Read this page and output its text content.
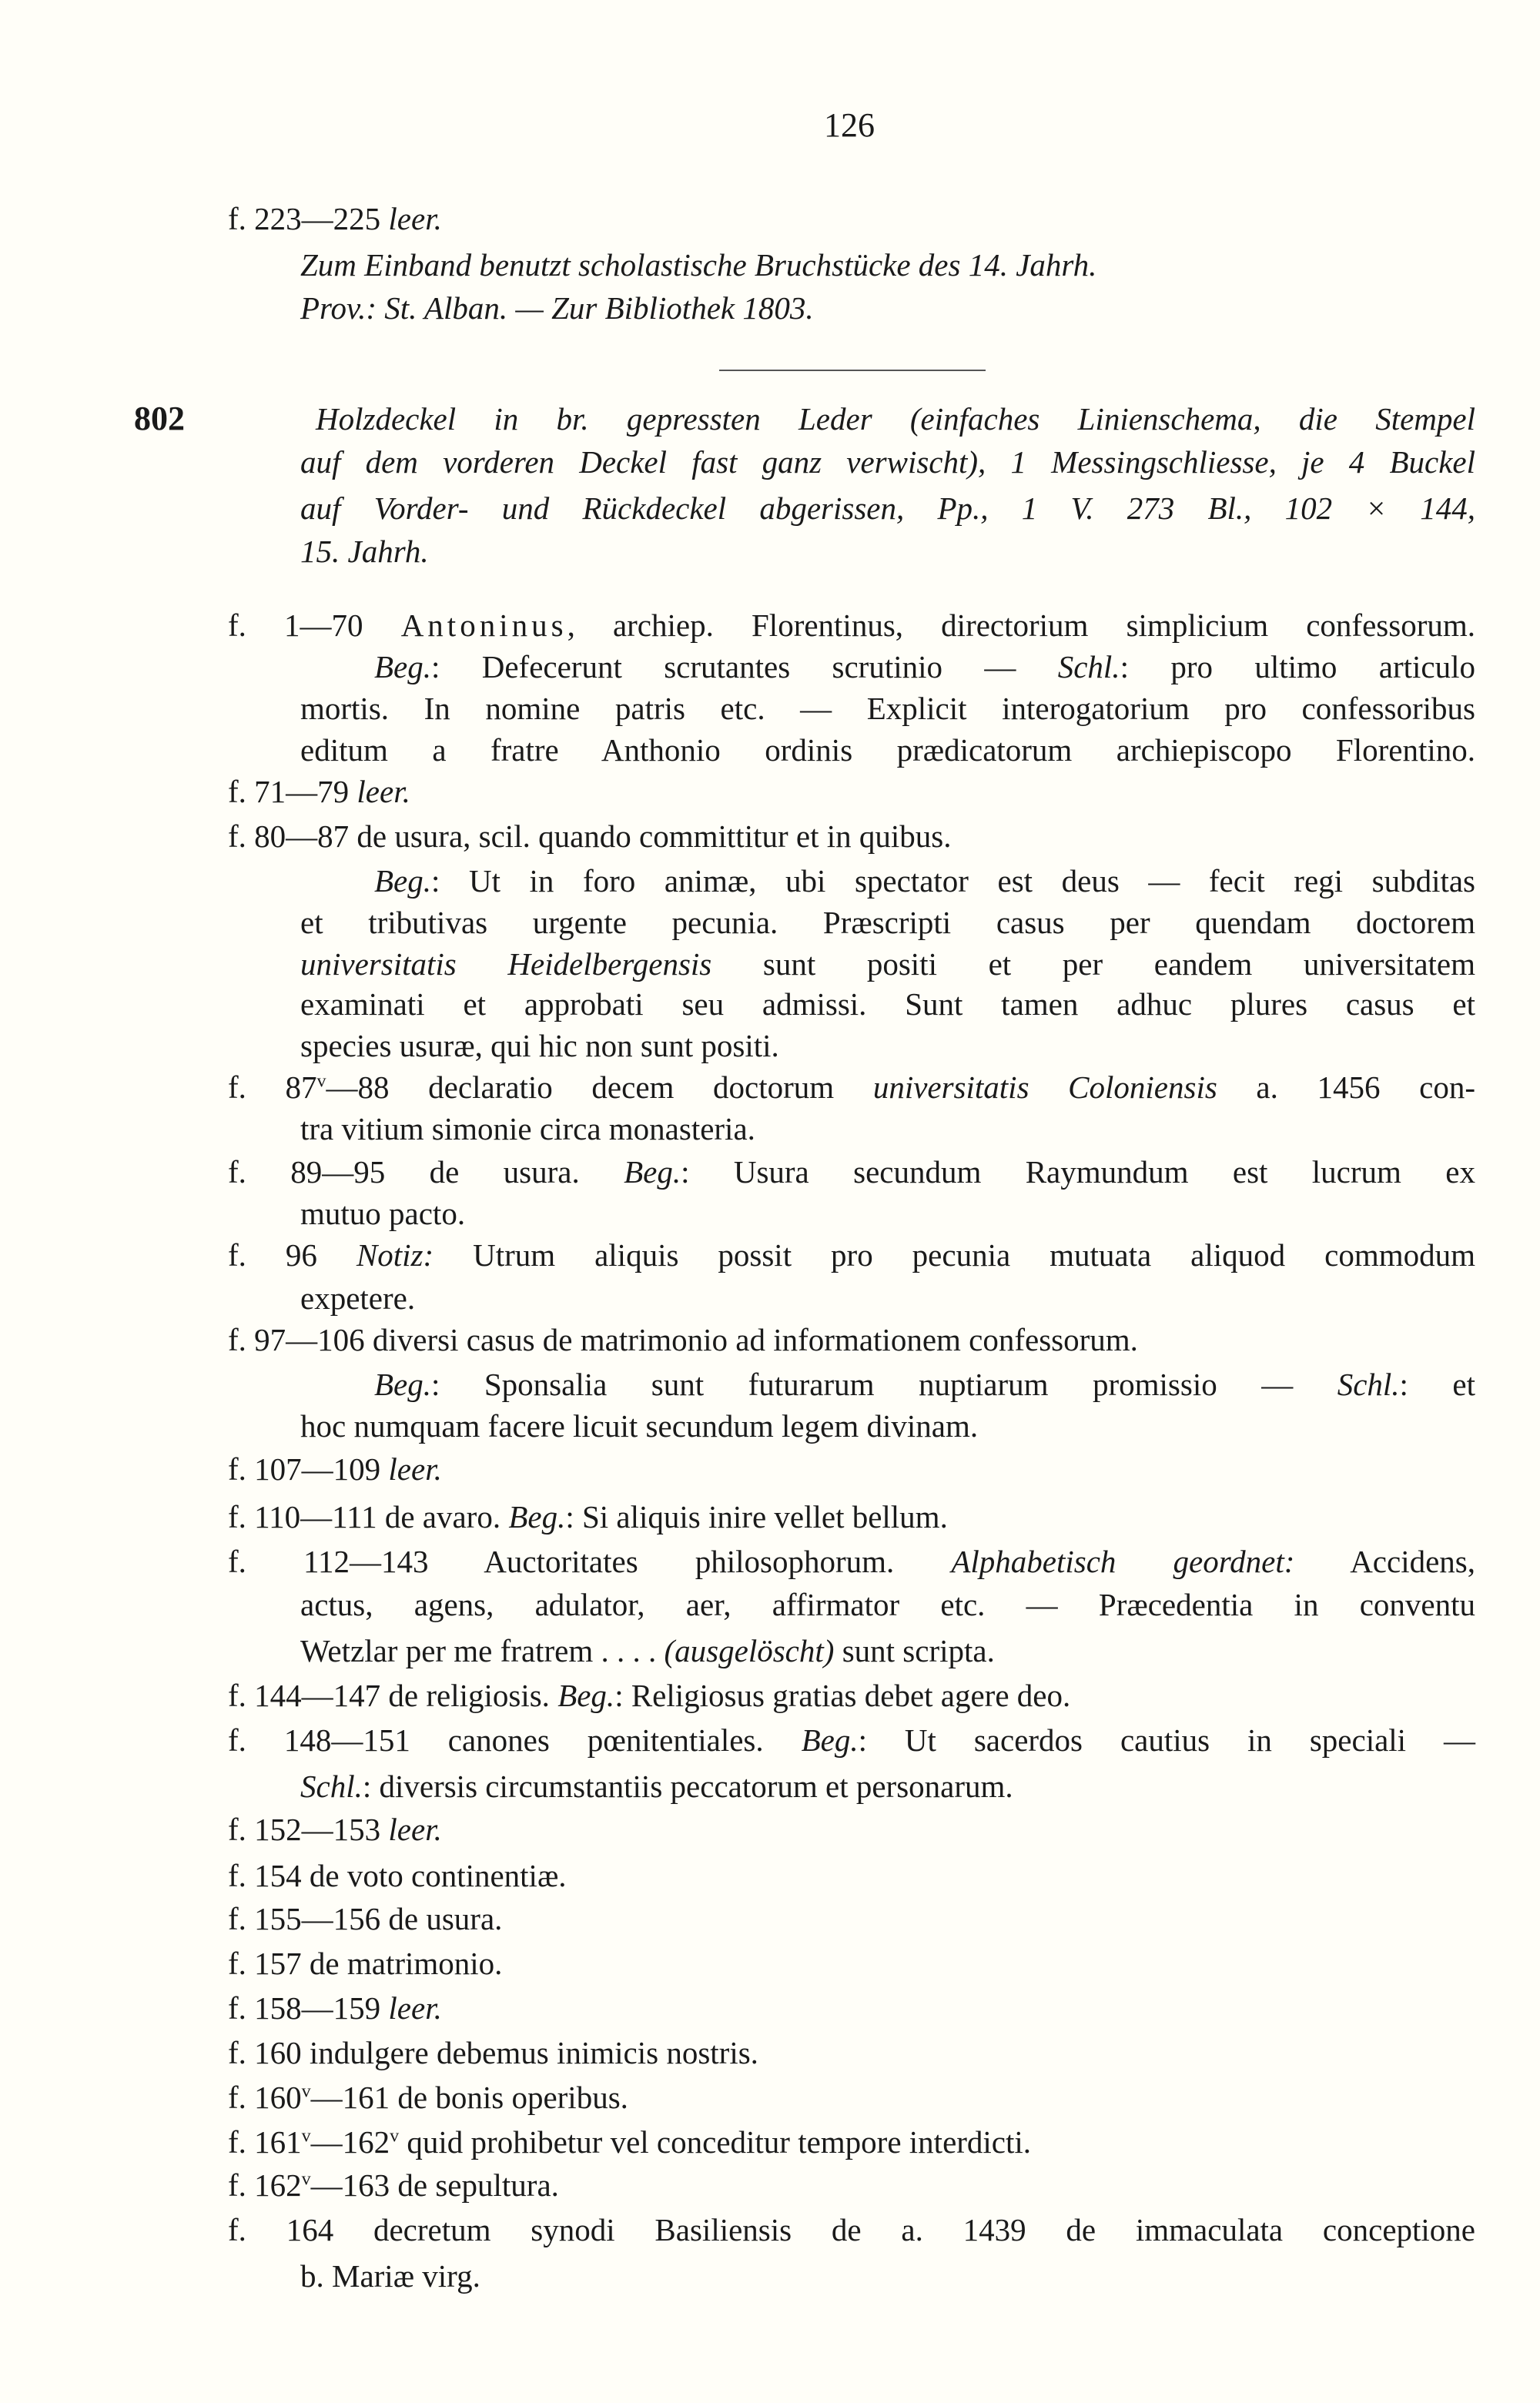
126
802
f. 223—225 leer.
Zum Einband benutzt scholastische Bruchstücke des 14. Jahrh.
Prov.: St. Alban. — Zur Bibliothek 1803.
Holzdeckel in br. gepressten Leder (einfaches Linienschema, die Stempel
auf dem vorderen Deckel fast ganz verwischt), 1 Messingschliesse, je 4 Buckel
auf Vorder- und Rückdeckel abgerissen, Pp., 1 V. 273 Bl., 102 × 144,
15. Jahrh.
f. 1—70 Antoninus, archiep. Florentinus, directorium simplicium confessorum.
Beg.: Defecerunt scrutantes scrutinio — Schl.: pro ultimo articulo
mortis. In nomine patris etc. — Explicit interogatorium pro confessoribus
editum a fratre Anthonio ordinis prædicatorum archiepiscopo Florentino.
f. 71—79 leer.
f. 80—87 de usura, scil. quando committitur et in quibus.
Beg.: Ut in foro animæ, ubi spectator est deus — fecit regi subditas
et tributivas urgente pecunia. Præscripti casus per quendam doctorem
universitatis Heidelbergensis sunt positi et per eandem universitatem
examinati et approbati seu admissi. Sunt tamen adhuc plures casus et
species usuræ, qui hic non sunt positi.
f. 87$^v$—88 declaratio decem doctorum universitatis Coloniensis a. 1456 con-
tra vitium simonie circa monasteria.
f. 89—95 de usura. Beg.: Usura secundum Raymundum est lucrum ex
mutuo pacto.
f. 96 Notiz: Utrum aliquis possit pro pecunia mutuata aliquod commodum
expetere.
f. 97—106 diversi casus de matrimonio ad informationem confessorum.
Beg.: Sponsalia sunt futurarum nuptiarum promissio — Schl.: et
hoc numquam facere licuit secundum legem divinam.
f. 107—109 leer.
f. 110—111 de avaro. Beg.: Si aliquis inire vellet bellum.
f. 112—143 Auctoritates philosophorum. Alphabetisch geordnet: Accidens,
actus, agens, adulator, aer, affirmator etc. — Præcedentia in conventu
Wetzlar per me fratrem . . . . (ausgelöscht) sunt scripta.
f. 144—147 de religiosis. Beg.: Religiosus gratias debet agere deo.
f. 148—151 canones pœnitentiales. Beg.: Ut sacerdos cautius in speciali —
Schl.: diversis circumstantiis peccatorum et personarum.
f. 152—153 leer.
f. 154 de voto continentiæ.
f. 155—156 de usura.
f. 157 de matrimonio.
f. 158—159 leer.
f. 160 indulgere debemus inimicis nostris.
f. 160$^v$—161 de bonis operibus.
f. 161$^v$—162$^v$ quid prohibetur vel conceditur tempore interdicti.
f. 162$^v$—163 de sepultura.
f. 164 decretum synodi Basiliensis de a. 1439 de immaculata conceptione
b. Mariæ virg.
